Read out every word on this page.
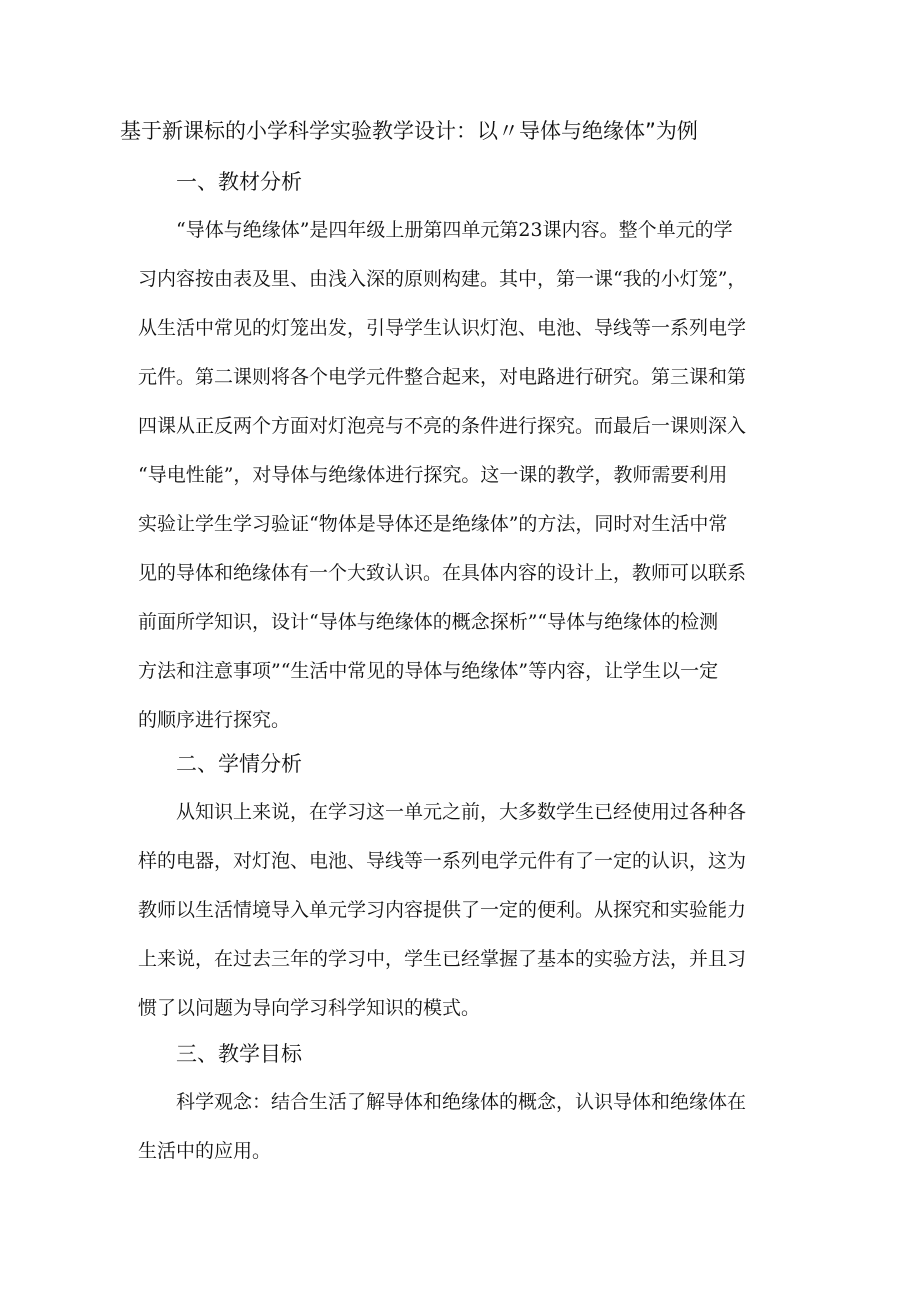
基于新课标的小学科学实验教学设计：以〃导体与绝缘体”为例
一、教材分析
“导体与绝缘体”是四年级上册第四单元第23课内容。整个单元的学
习内容按由表及里、由浅入深的原则构建。其中，第一课“我的小灯笼”，
从生活中常见的灯笼出发，引导学生认识灯泡、电池、导线等一系列电学
元件。第二课则将各个电学元件整合起来，对电路进行研究。第三课和第
四课从正反两个方面对灯泡亮与不亮的条件进行探究。而最后一课则深入
“导电性能”，对导体与绝缘体进行探究。这一课的教学，教师需要利用
实验让学生学习验证“物体是导体还是绝缘体”的方法，同时对生活中常
见的导体和绝缘体有一个大致认识。在具体内容的设计上，教师可以联系
前面所学知识，设计“导体与绝缘体的概念探析”“导体与绝缘体的检测
方法和注意事项”“生活中常见的导体与绝缘体”等内容，让学生以一定
的顺序进行探究。
二、学情分析
从知识上来说，在学习这一单元之前，大多数学生已经使用过各种各
样的电器，对灯泡、电池、导线等一系列电学元件有了一定的认识，这为
教师以生活情境导入单元学习内容提供了一定的便利。从探究和实验能力
上来说，在过去三年的学习中，学生已经掌握了基本的实验方法，并且习
惯了以问题为导向学习科学知识的模式。
三、教学目标
科学观念：结合生活了解导体和绝缘体的概念，认识导体和绝缘体在
生活中的应用。
